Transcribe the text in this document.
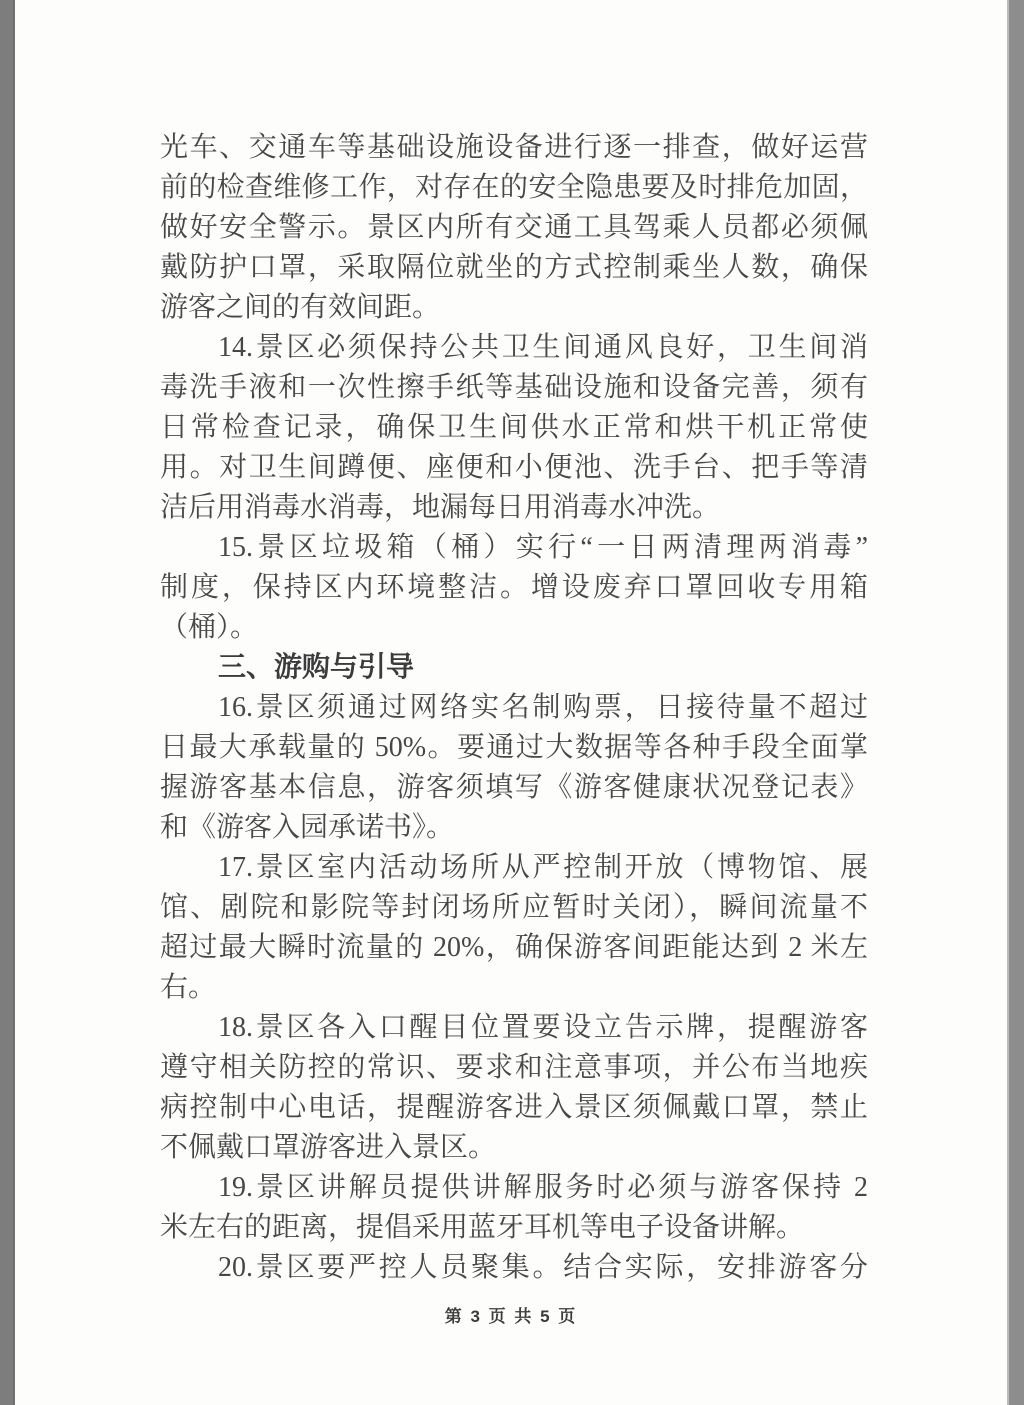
光车、交通车等基础设施设备进行逐一排查，做好运营
前的检查维修工作，对存在的安全隐患要及时排危加固，
做好安全警示。景区内所有交通工具驾乘人员都必须佩
戴防护口罩，采取隔位就坐的方式控制乘坐人数，确保
游客之间的有效间距。
14.景区必须保持公共卫生间通风良好，卫生间消
毒洗手液和一次性擦手纸等基础设施和设备完善，须有
日常检查记录，确保卫生间供水正常和烘干机正常使
用。对卫生间蹲便、座便和小便池、洗手台、把手等清
洁后用消毒水消毒，地漏每日用消毒水冲洗。
15.景区垃圾箱（桶）实行“一日两清理两消毒”
制度，保持区内环境整洁。增设废弃口罩回收专用箱
（桶）。
三、游购与引导
16.景区须通过网络实名制购票，日接待量不超过
日最大承载量的 50%。要通过大数据等各种手段全面掌
握游客基本信息，游客须填写《游客健康状况登记表》
和《游客入园承诺书》。
17.景区室内活动场所从严控制开放（博物馆、展
馆、剧院和影院等封闭场所应暂时关闭），瞬间流量不
超过最大瞬时流量的 20%，确保游客间距能达到 2 米左
右。
18.景区各入口醒目位置要设立告示牌，提醒游客
遵守相关防控的常识、要求和注意事项，并公布当地疾
病控制中心电话，提醒游客进入景区须佩戴口罩，禁止
不佩戴口罩游客进入景区。
19.景区讲解员提供讲解服务时必须与游客保持 2
米左右的距离，提倡采用蓝牙耳机等电子设备讲解。
20.景区要严控人员聚集。结合实际，安排游客分
第 3 页 共 5 页
